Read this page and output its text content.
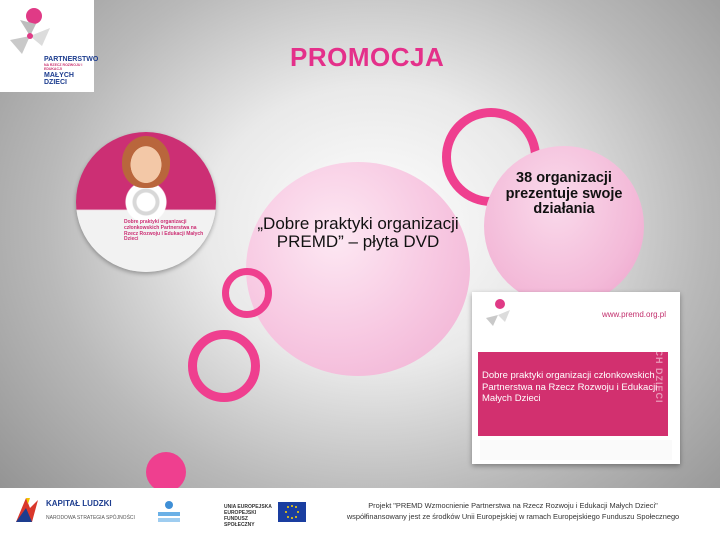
PARTNERSTWO
NA RZECZ ROZWOJU I EDUKACJI
MAŁYCH DZIECI
PROMOCJA
Dobre praktyki organizacji członkowskich Partnerstwa na Rzecz Rozwoju i Edukacji Małych Dzieci
„Dobre praktyki organizacji PREMD” – płyta DVD
38 organizacji prezentuje swoje działania
www.premd.org.pl
Dobre praktyki organizacji członkowskich Partnerstwa na Rzecz Rozwoju i Edukacji Małych Dzieci	MAŁYCH DZIECI
KAPITAŁ LUDZKI
NARODOWA STRATEGIA SPÓJNOŚCI
UNIA EUROPEJSKA EUROPEJSKI FUNDUSZ SPOŁECZNY
Projekt "PREMD Wzmocnienie Partnerstwa na Rzecz Rozwoju i Edukacji Małych Dzieci"
współfinansowany jest ze środków Unii Europejskiej w ramach Europejskiego Funduszu Społecznego
